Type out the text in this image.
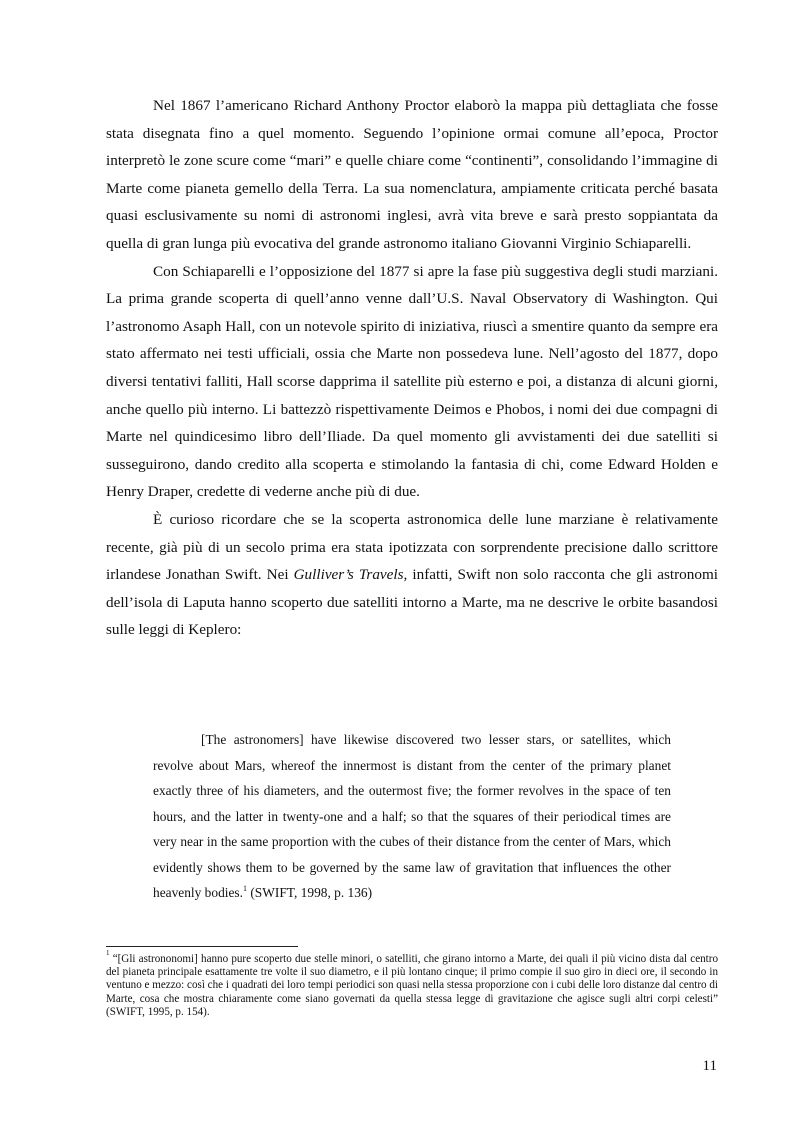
Nel 1867 l’americano Richard Anthony Proctor elaborò la mappa più dettagliata che fosse stata disegnata fino a quel momento. Seguendo l’opinione ormai comune all’epoca, Proctor interpretò le zone scure come “mari” e quelle chiare come “continenti”, consolidando l’immagine di Marte come pianeta gemello della Terra. La sua nomenclatura, ampiamente criticata perché basata quasi esclusivamente su nomi di astronomi inglesi, avrà vita breve e sarà presto soppiantata da quella di gran lunga più evocativa del grande astronomo italiano Giovanni Virginio Schiaparelli.

Con Schiaparelli e l’opposizione del 1877 si apre la fase più suggestiva degli studi marziani. La prima grande scoperta di quell’anno venne dall’U.S. Naval Observatory di Washington. Qui l’astronomo Asaph Hall, con un notevole spirito di iniziativa, riuscì a smentire quanto da sempre era stato affermato nei testi ufficiali, ossia che Marte non possedeva lune. Nell’agosto del 1877, dopo diversi tentativi falliti, Hall scorse dapprima il satellite più esterno e poi, a distanza di alcuni giorni, anche quello più interno. Li battezzò rispettivamente Deimos e Phobos, i nomi dei due compagni di Marte nel quindicesimo libro dell’Iliade. Da quel momento gli avvistamenti dei due satelliti si susseguirono, dando credito alla scoperta e stimolando la fantasia di chi, come Edward Holden e Henry Draper, credette di vederne anche più di due.

È curioso ricordare che se la scoperta astronomica delle lune marziane è relativamente recente, già più di un secolo prima era stata ipotizzata con sorprendente precisione dallo scrittore irlandese Jonathan Swift. Nei Gulliver’s Travels, infatti, Swift non solo racconta che gli astronomi dell’isola di Laputa hanno scoperto due satelliti intorno a Marte, ma ne descrive le orbite basandosi sulle leggi di Keplero:

[The astronomers] have likewise discovered two lesser stars, or satellites, which revolve about Mars, whereof the innermost is distant from the center of the primary planet exactly three of his diameters, and the outermost five; the former revolves in the space of ten hours, and the latter in twenty-one and a half; so that the squares of their periodical times are very near in the same proportion with the cubes of their distance from the center of Mars, which evidently shows them to be governed by the same law of gravitation that influences the other heavenly bodies.$^1$ (SWIFT, 1998, p. 136)

$^1$ “[Gli astrononomi] hanno pure scoperto due stelle minori, o satelliti, che girano intorno a Marte, dei quali il più vicino dista dal centro del pianeta principale esattamente tre volte il suo diametro, e il più lontano cinque; il primo compie il suo giro in dieci ore, il secondo in ventuno e mezzo: così che i quadrati dei loro tempi periodici son quasi nella stessa proporzione con i cubi delle loro distanze dal centro di Marte, cosa che mostra chiaramente come siano governati da quella stessa legge di gravitazione che agisce sugli altri corpi celesti” (SWIFT, 1995, p. 154).

11
